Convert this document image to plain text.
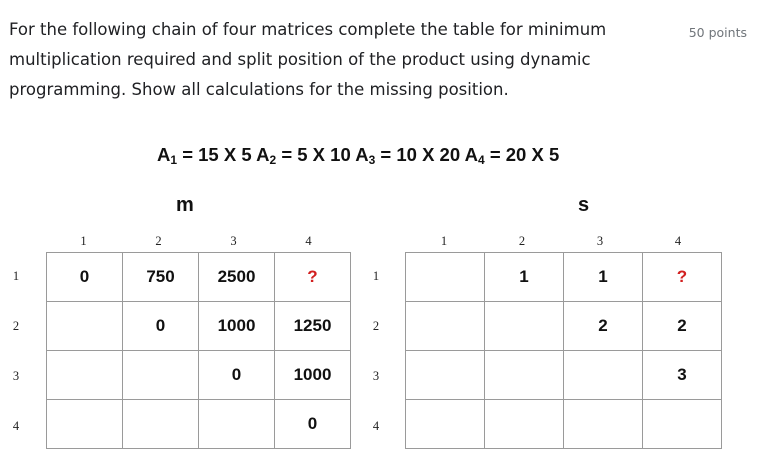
For the following chain of four matrices complete the table for minimum multiplication required and split position of the product using dynamic programming. Show all calculations for the missing position.
50 points
$A_1 = 15$ X 5 $A_2 = 5$ X 10 $A_3 = 10$ X 20 $A_4 = 20$ X 5
m	s
1	2	3	4
1
2
3
4
0	750	2500	?
	0	1000	1250
		0	1000
			0
1	2	3	4
1
2
3
4
	1	1	?
		2	2
			3
